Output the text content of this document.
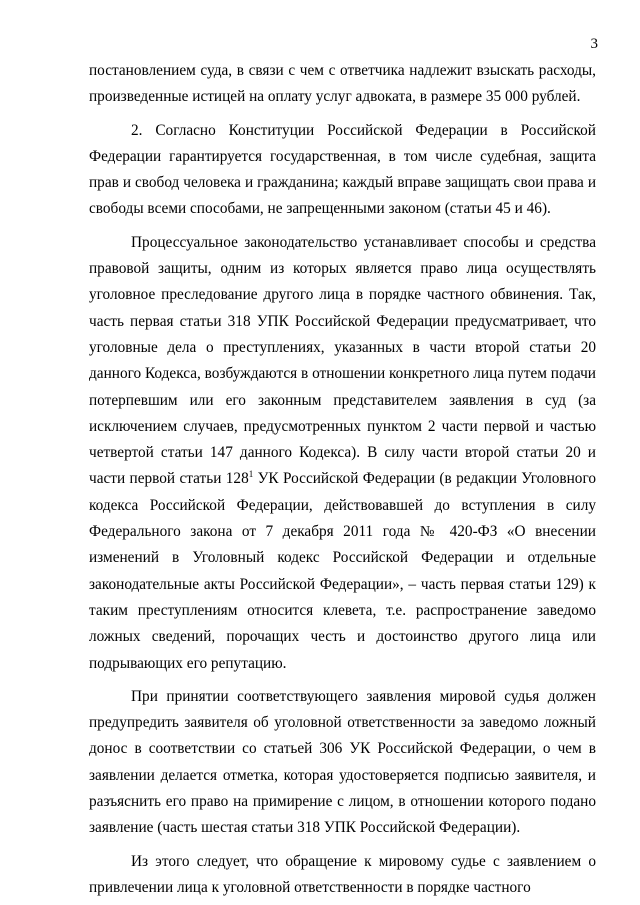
3

постановлением суда, в связи с чем с ответчика надлежит взыскать расходы, произведенные истицей на оплату услуг адвоката, в размере 35 000 рублей.

2. Согласно Конституции Российской Федерации в Российской Федерации гарантируется государственная, в том числе судебная, защита прав и свобод человека и гражданина; каждый вправе защищать свои права и свободы всеми способами, не запрещенными законом (статьи 45 и 46).

Процессуальное законодательство устанавливает способы и средства правовой защиты, одним из которых является право лица осуществлять уголовное преследование другого лица в порядке частного обвинения. Так, часть первая статьи 318 УПК Российской Федерации предусматривает, что уголовные дела о преступлениях, указанных в части второй статьи 20 данного Кодекса, возбуждаются в отношении конкретного лица путем подачи потерпевшим или его законным представителем заявления в суд (за исключением случаев, предусмотренных пунктом 2 части первой и частью четвертой статьи 147 данного Кодекса). В силу части второй статьи 20 и части первой статьи $128^1$ УК Российской Федерации (в редакции Уголовного кодекса Российской Федерации, действовавшей до вступления в силу Федерального закона от 7 декабря 2011 года № 420-ФЗ «О внесении изменений в Уголовный кодекс Российской Федерации и отдельные законодательные акты Российской Федерации», – часть первая статьи 129) к таким преступлениям относится клевета, т.е. распространение заведомо ложных сведений, порочащих честь и достоинство другого лица или подрывающих его репутацию.

При принятии соответствующего заявления мировой судья должен предупредить заявителя об уголовной ответственности за заведомо ложный донос в соответствии со статьей 306 УК Российской Федерации, о чем в заявлении делается отметка, которая удостоверяется подписью заявителя, и разъяснить его право на примирение с лицом, в отношении которого подано заявление (часть шестая статьи 318 УПК Российской Федерации).

Из этого следует, что обращение к мировому судье с заявлением о привлечении лица к уголовной ответственности в порядке частного
